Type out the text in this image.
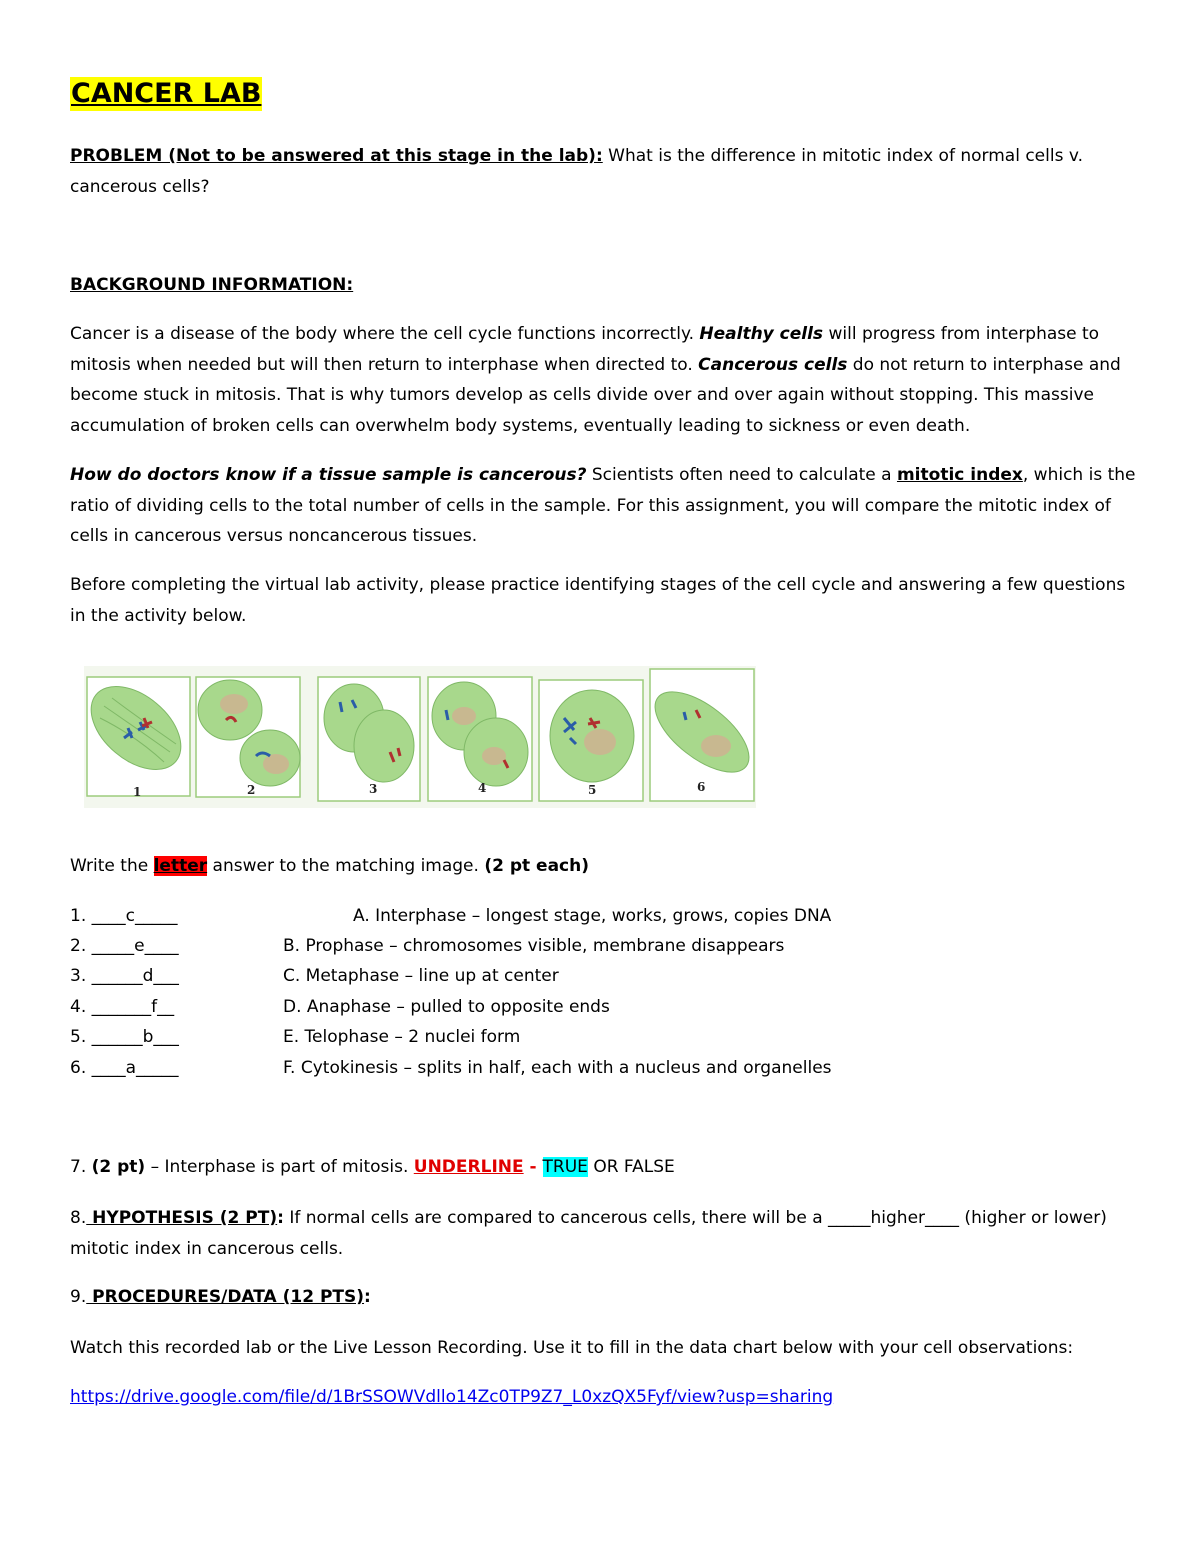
CANCER LAB
PROBLEM (Not to be answered at this stage in the lab): What is the difference in mitotic index of normal cells v. cancerous cells?
BACKGROUND INFORMATION:
Cancer is a disease of the body where the cell cycle functions incorrectly. Healthy cells will progress from interphase to mitosis when needed but will then return to interphase when directed to. Cancerous cells do not return to interphase and become stuck in mitosis. That is why tumors develop as cells divide over and over again without stopping. This massive accumulation of broken cells can overwhelm body systems, eventually leading to sickness or even death.
How do doctors know if a tissue sample is cancerous? Scientists often need to calculate a mitotic index, which is the ratio of dividing cells to the total number of cells in the sample. For this assignment, you will compare the mitotic index of cells in cancerous versus noncancerous tissues.
Before completing the virtual lab activity, please practice identifying stages of the cell cycle and answering a few questions in the activity below.
1	2	3	4	5	6
Write the letter answer to the matching image. (2 pt each)
1. ____c_____
2. _____e____
3. ______d___
4. _______f__
5. ______b___
6. ____a_____
A. Interphase – longest stage, works, grows, copies DNA
B. Prophase – chromosomes visible, membrane disappears
C. Metaphase – line up at center
D. Anaphase – pulled to opposite ends
E. Telophase – 2 nuclei form
F. Cytokinesis – splits in half, each with a nucleus and organelles
7. (2 pt) – Interphase is part of mitosis. UNDERLINE - TRUE OR FALSE
8. HYPOTHESIS (2 PT): If normal cells are compared to cancerous cells, there will be a _____higher____ (higher or lower) mitotic index in cancerous cells.
9. PROCEDURES/DATA (12 PTS):
Watch this recorded lab or the Live Lesson Recording. Use it to fill in the data chart below with your cell observations:
https://drive.google.com/file/d/1BrSSOWVdllo14Zc0TP9Z7_L0xzQX5Fyf/view?usp=sharing
